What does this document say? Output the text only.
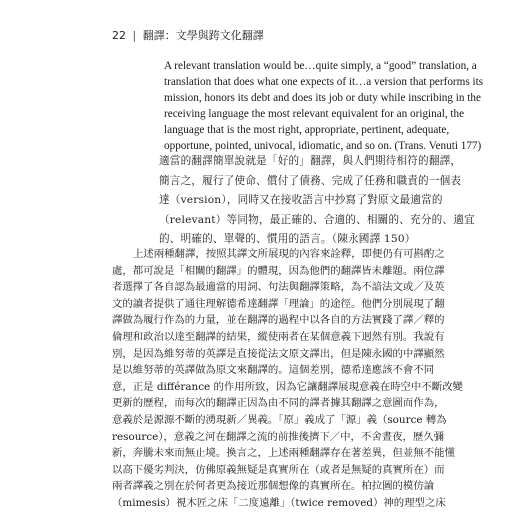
22 | 翻譯：文學與跨文化翻譯
A relevant translation would be…quite simply, a “good” translation, a
translation that does what one expects of it…a version that performs its
mission, honors its debt and does its job or duty while inscribing in the
receiving language the most relevant equivalent for an original, the
language that is the most right, appropriate, pertinent, adequate,
opportune, pointed, univocal, idiomatic, and so on. (Trans. Venuti 177)
適當的翻譯簡單說就是「好的」翻譯，與人們期待相符的翻譯，
簡言之，履行了使命、償付了債務、完成了任務和職責的一個表
達（version），同時又在接收語言中抄寫了對原文最適當的
（relevant）等同物，最正確的、合適的、相關的、充分的、適宜
的、明確的、單聲的、慣用的語言。（陳永國譯 150）
上述兩種翻譯，按照其譯文所展現的內容來詮釋，即便仍有可斟酌之
處，都可說是「相關的翻譯」的體現，因為他們的翻譯皆未離題。兩位譯
者選擇了各自認為最適當的用詞、句法與翻譯策略，為不諳法文或／及英
文的讀者提供了通往理解德希達翻譯「理論」的途徑。他們分別展現了翻
譯做為履行作為的力量，並在翻譯的過程中以各自的方法實踐了譯／釋的
倫理和政治以達至翻譯的結果，縱使兩者在某個意義下迥然有別。我說有
別，是因為維努蒂的英譯是直接從法文原文譯出，但是陳永國的中譯顯然
是以維努蒂的英譯做為原文來翻譯的。這個差別，德希達應該不會不同
意，正是 différance 的作用所致，因為它讓翻譯展現意義在時空中不斷改變
更新的歷程，而每次的翻譯正因為由不同的譯者據其翻譯之意圖而作為，
意義於是源源不斷的湧現新／異義。「原」義成了「源」義（source 轉為
resource），意義之河在翻譯之流的前推後擠下／中，不舍晝夜，歷久彌
新，奔騰未來而無止境。換言之，上述兩種翻譯存在著差異，但並無不能懂
以高下優劣判決，仿佛原義無疑是真實所在（或者是無疑的真實所在）而
兩者譯義之別在於何者更為接近那個想像的真實所在。柏拉圖的模仿論
（mimesis）視木匠之床「二度遠離」（twice removed）神的理型之床
